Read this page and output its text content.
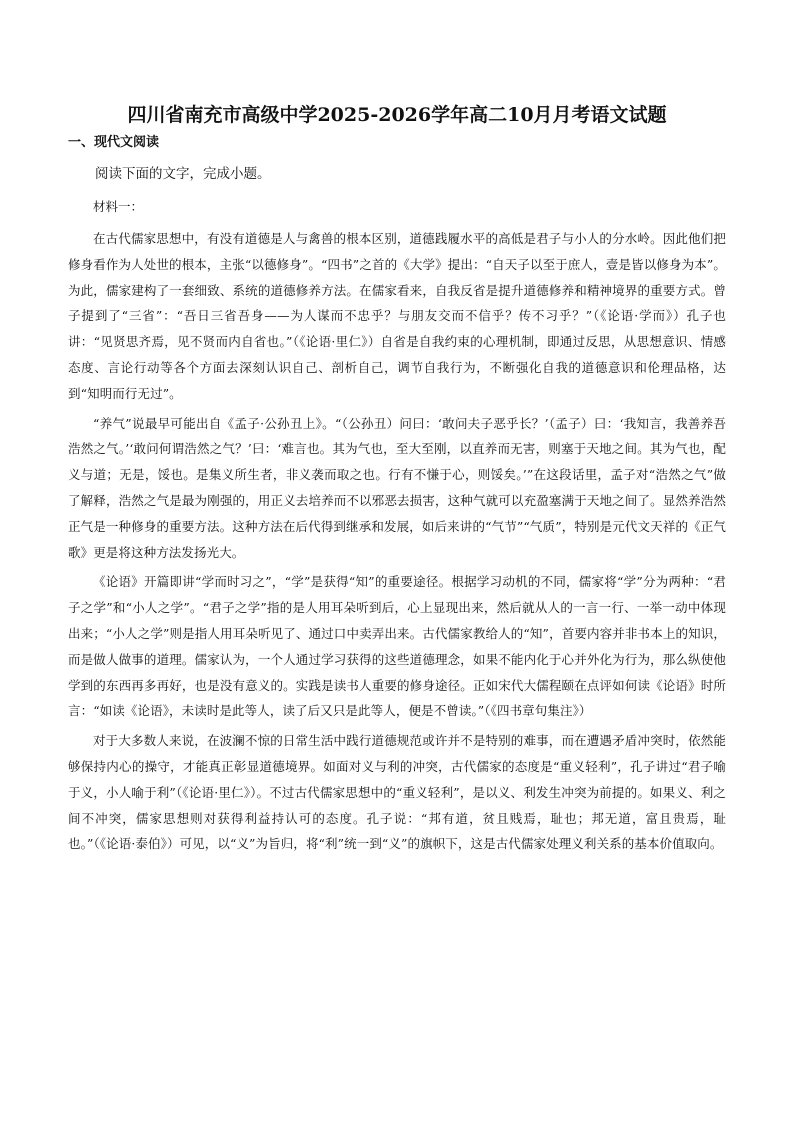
四川省南充市高级中学2025-2026学年高二10月月考语文试题
一、现代文阅读

阅读下面的文字，完成小题。

材料一：

在古代儒家思想中，有没有道德是人与禽兽的根本区别，道德践履水平的高低是君子与小人的分水岭。因此他们把修身看作为人处世的根本，主张“以德修身”。“四书”之首的《大学》提出：“自天子以至于庶人，壹是皆以修身为本”。为此，儒家建构了一套细致、系统的道德修养方法。在儒家看来，自我反省是提升道德修养和精神境界的重要方式。曾子提到了“三省”：“吾日三省吾身——为人谋而不忠乎？与朋友交而不信乎？传不习乎？”（《论语·学而》）孔子也讲：“见贤思齐焉，见不贤而内自省也。”（《论语·里仁》）自省是自我约束的心理机制，即通过反思，从思想意识、情感态度、言论行动等各个方面去深刻认识自己、剖析自己，调节自我行为，不断强化自我的道德意识和伦理品格，达到“知明而行无过”。

“养气”说最早可能出自《孟子·公孙丑上》。“（公孙丑）问曰：‘敢问夫子恶乎长？’（孟子）曰：‘我知言，我善养吾浩然之气。’‘敢问何谓浩然之气？’曰：‘难言也。其为气也，至大至刚，以直养而无害，则塞于天地之间。其为气也，配义与道；无是，馁也。是集义所生者，非义袭而取之也。行有不慊于心，则馁矣。’”在这段话里，孟子对“浩然之气”做了解释，浩然之气是最为刚强的，用正义去培养而不以邪恶去损害，这种气就可以充盈塞满于天地之间了。显然养浩然正气是一种修身的重要方法。这种方法在后代得到继承和发展，如后来讲的“气节”“气质”，特别是元代文天祥的《正气歌》更是将这种方法发扬光大。

《论语》开篇即讲“学而时习之”，“学”是获得“知”的重要途径。根据学习动机的不同，儒家将“学”分为两种：“君子之学”和“小人之学”。“君子之学”指的是人用耳朵听到后，心上显现出来，然后就从人的一言一行、一举一动中体现出来；“小人之学”则是指人用耳朵听见了、通过口中卖弄出来。古代儒家教给人的“知”，首要内容并非书本上的知识，而是做人做事的道理。儒家认为，一个人通过学习获得的这些道德理念，如果不能内化于心并外化为行为，那么纵使他学到的东西再多再好，也是没有意义的。实践是读书人重要的修身途径。正如宋代大儒程颐在点评如何读《论语》时所言：“如读《论语》，未读时是此等人，读了后又只是此等人，便是不曾读。”（《四书章句集注》）

对于大多数人来说，在波澜不惊的日常生活中践行道德规范或许并不是特别的难事，而在遭遇矛盾冲突时，依然能够保持内心的操守，才能真正彰显道德境界。如面对义与利的冲突，古代儒家的态度是“重义轻利”，孔子讲过“君子喻于义，小人喻于利”（《论语·里仁》）。不过古代儒家思想中的“重义轻利”，是以义、利发生冲突为前提的。如果义、利之间不冲突，儒家思想则对获得利益持认可的态度。孔子说：“邦有道，贫且贱焉，耻也；邦无道，富且贵焉，耻也。”（《论语·泰伯》）可见，以“义”为旨归，将“利”统一到“义”的旗帜下，这是古代儒家处理义利关系的基本价值取向。
